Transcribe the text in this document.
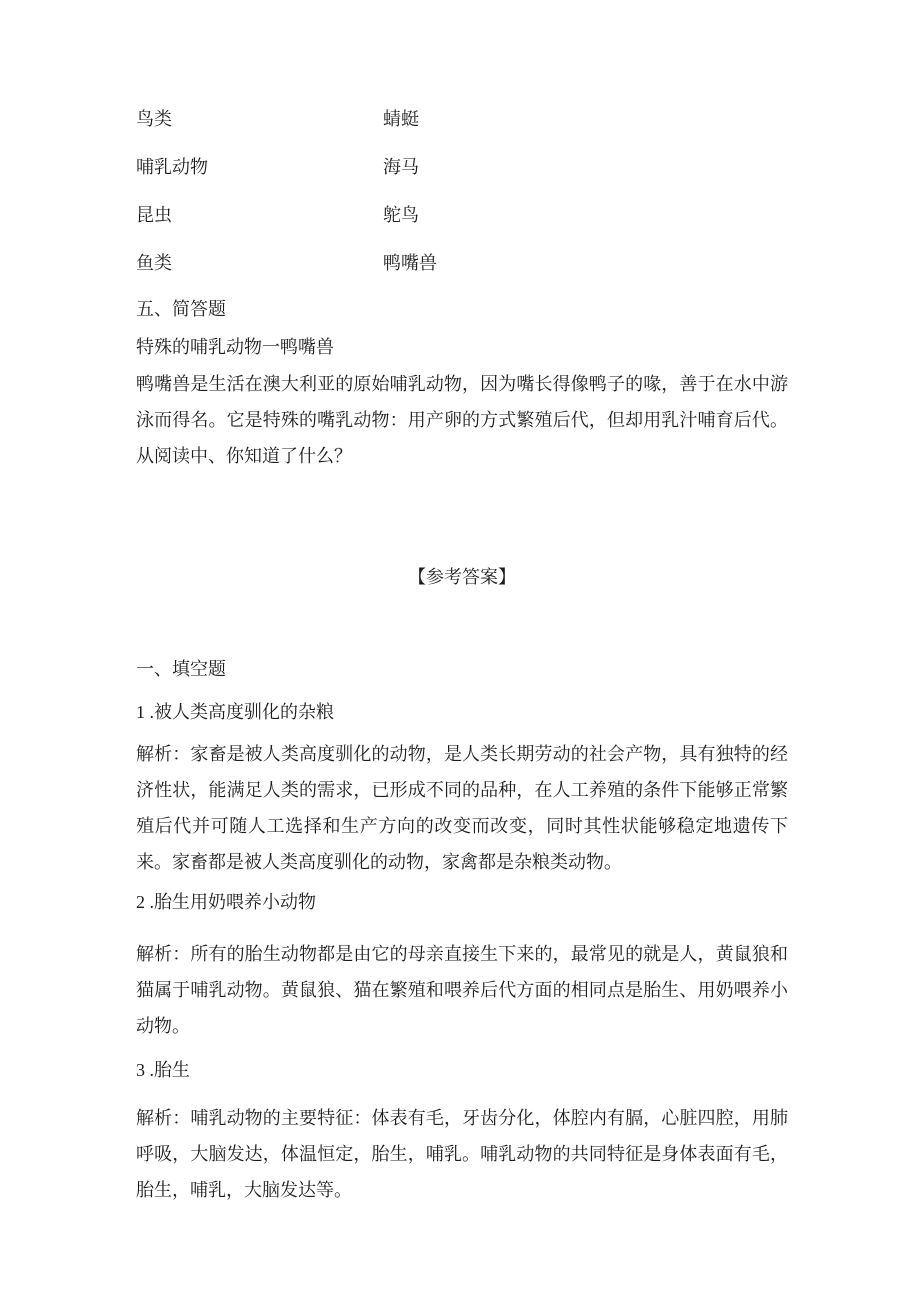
鸟类	蜻蜓
哺乳动物	海马
昆虫	鸵鸟
鱼类	鸭嘴兽
五、简答题
特殊的哺乳动物一鸭嘴兽
鸭嘴兽是生活在澳大利亚的原始哺乳动物，因为嘴长得像鸭子的喙，善于在水中游泳而得名。它是特殊的嘴乳动物：用产卵的方式繁殖后代，但却用乳汁哺育后代。从阅读中、你知道了什么？
【参考答案】
一、填空题
1 .被人类高度驯化的杂粮
解析：家畜是被人类高度驯化的动物，是人类长期劳动的社会产物，具有独特的经济性状，能满足人类的需求，已形成不同的品种，在人工养殖的条件下能够正常繁殖后代并可随人工选择和生产方向的改变而改变，同时其性状能够稳定地遗传下来。家畜都是被人类高度驯化的动物，家禽都是杂粮类动物。
2 .胎生用奶喂养小动物
解析：所有的胎生动物都是由它的母亲直接生下来的，最常见的就是人，黄鼠狼和猫属于哺乳动物。黄鼠狼、猫在繁殖和喂养后代方面的相同点是胎生、用奶喂养小动物。
3 .胎生
解析：哺乳动物的主要特征：体表有毛，牙齿分化，体腔内有膈，心脏四腔，用肺呼吸，大脑发达，体温恒定，胎生，哺乳。哺乳动物的共同特征是身体表面有毛，胎生，哺乳，大脑发达等。
